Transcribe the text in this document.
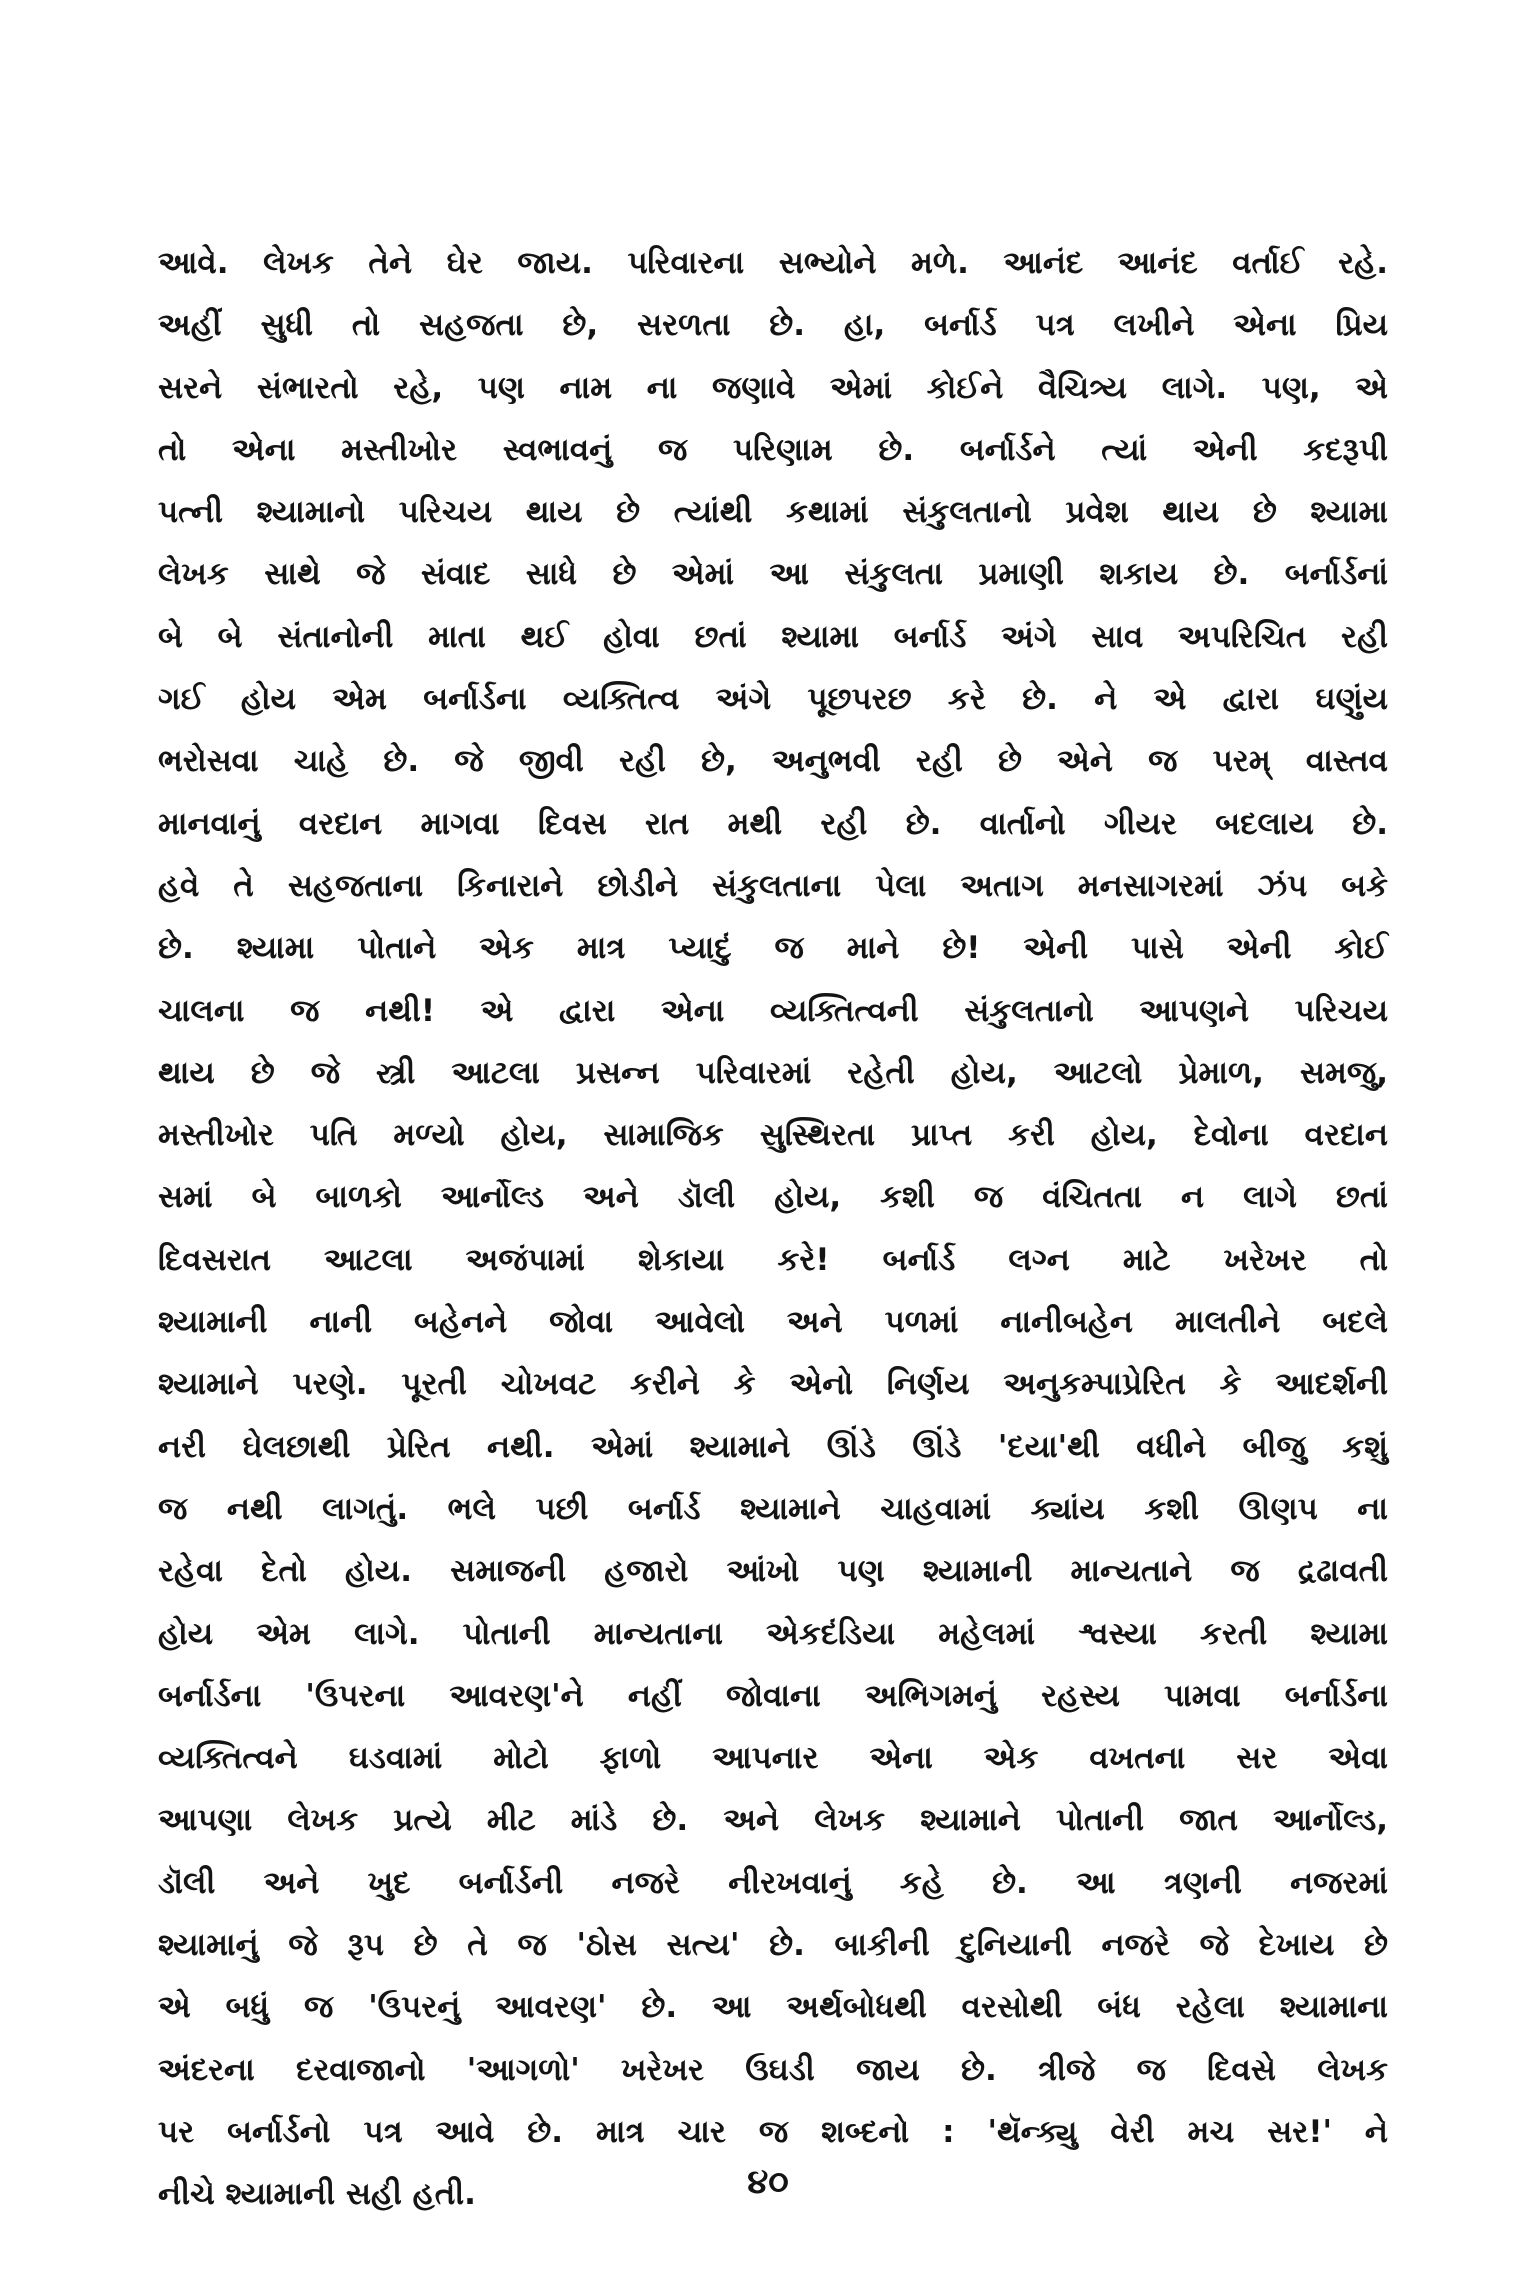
આવે. લેખક તેને ઘેર જાય. પરિવારના સભ્યોને મળે. આનંદ આનંદ વર્તાઈ રહે.
અહીં સુધી તો સહજતા છે, સરળતા છે. હા, બર્નાર્ડ પત્ર લખીને એના પ્રિય
સરને સંભારતો રહે, પણ નામ ના જણાવે એમાં કોઈને વૈચિત્ર્ય લાગે. પણ, એ
તો એના મસ્તીખોર સ્વભાવનું જ પરિણામ છે. બર્નાર્ડને ત્યાં એની કદરૂપી
પત્ની શ્યામાનો પરિચય થાય છે ત્યાંથી કથામાં સંકુલતાનો પ્રવેશ થાય છે શ્યામા
લેખક સાથે જે સંવાદ સાધે છે એમાં આ સંકુલતા પ્રમાણી શકાય છે. બર્નાર્ડનાં
બે બે સંતાનોની માતા થઈ હોવા છતાં શ્યામા બર્નાર્ડ અંગે સાવ અપરિચિત રહી
ગઈ હોય એમ બર્નાર્ડના વ્યક્તિત્વ અંગે પૂછપરછ કરે છે. ને એ દ્વારા ઘણુંય
ભરોસવા ચાહે છે. જે જીવી રહી છે, અનુભવી રહી છે એને જ પરમ્ વાસ્તવ
માનવાનું વરદાન માગવા દિવસ રાત મથી રહી છે. વાર્તાનો ગીયર બદલાય છે.
હવે તે સહજતાના કિનારાને છોડીને સંકુલતાના પેલા અતાગ મનસાગરમાં ઝંપ બકે
છે. શ્યામા પોતાને એક માત્ર પ્યાદું જ માને છે! એની પાસે એની કોઈ
ચાલના જ નથી! એ દ્વારા એના વ્યક્તિત્વની સંકુલતાનો આપણને પરિચય
થાય છે જે સ્ત્રી આટલા પ્રસન્ન પરિવારમાં રહેતી હોય, આટલો પ્રેમાળ, સમજુ,
મસ્તીખોર પતિ મળ્યો હોય, સામાજિક સુસ્થિરતા પ્રાપ્ત કરી હોય, દેવોના વરદાન
સમાં બે બાળકો આર્નોલ્ડ અને ડૉલી હોય, કશી જ વંચિતતા ન લાગે છતાં
દિવસરાત આટલા અજંપામાં શેકાયા કરે! બર્નાર્ડ લગ્ન માટે ખરેખર તો
શ્યામાની નાની બહેનને જોવા આવેલો અને પળમાં નાનીબહેન માલતીને બદલે
શ્યામાને પરણે. પૂરતી ચોખવટ કરીને કે એનો નિર્ણય અનુકમ્પાપ્રેરિત કે આદર્શની
નરી ઘેલછાથી પ્રેરિત નથી. એમાં શ્યામાને ઊંડે ઊંડે 'દયા'થી વધીને બીજુ કશું
જ નથી લાગતું. ભલે પછી બર્નાર્ડ શ્યામાને ચાહવામાં ક્યાંય કશી ઊણપ ના
રહેવા દેતો હોય. સમાજની હજારો આંખો પણ શ્યામાની માન્યતાને જ દ્રઢાવતી
હોય એમ લાગે. પોતાની માન્યતાના એકદંડિયા મહેલમાં શ્વસ્યા કરતી શ્યામા
બર્નાર્ડના 'ઉપરના આવરણ'ને નહીં જોવાના અભિગમનું રહસ્ય પામવા બર્નાર્ડના
વ્યક્તિત્વને ઘડવામાં મોટો ફાળો આપનાર એના એક વખતના સર એવા
આપણા લેખક પ્રત્યે મીટ માંડે છે. અને લેખક શ્યામાને પોતાની જાત આર્નોલ્ડ,
ડૉલી અને ખુદ બર્નાર્ડની નજરે નીરખવાનું કહે છે. આ ત્રણની નજરમાં
શ્યામાનું જે રૂપ છે તે જ 'ઠોસ સત્ય' છે. બાકીની દુનિયાની નજરે જે દેખાય છે
એ બધું જ 'ઉપરનું આવરણ' છે. આ અર્થબોધથી વરસોથી બંધ રહેલા શ્યામાના
અંદરના દરવાજાનો 'આગળો' ખરેખર ઉઘડી જાય છે. ત્રીજે જ દિવસે લેખક
પર બર્નાર્ડનો પત્ર આવે છે. માત્ર ચાર જ શબ્દનો : 'થૅન્ક્યુ વેરી મચ સર!' ને
નીચે શ્યામાની સહી હતી.	૪૦
